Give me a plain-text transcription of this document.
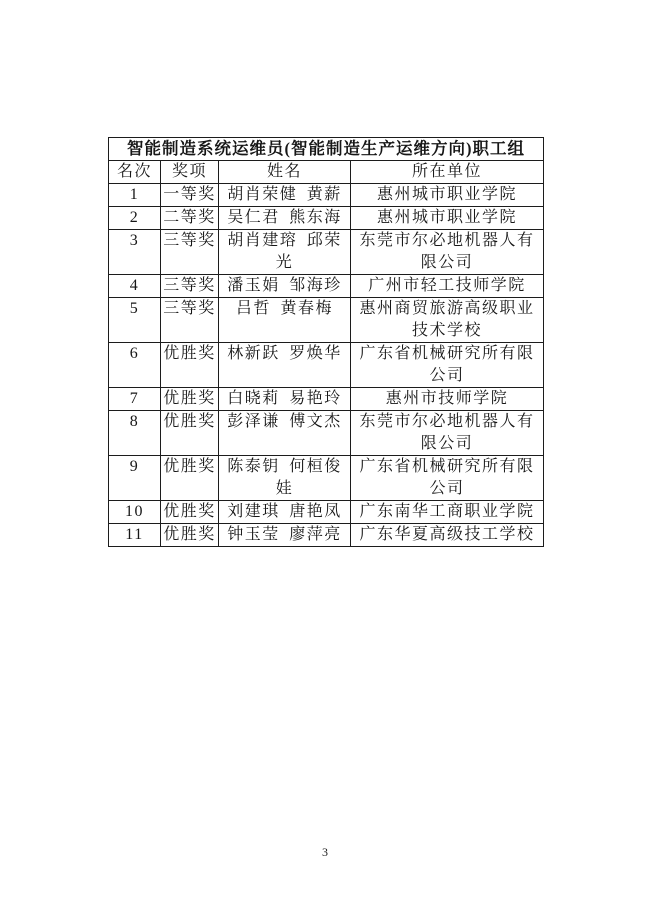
智能制造系统运维员(智能制造生产运维方向)职工组			
名次	奖项	姓名	所在单位
1	一等奖	胡肖荣健 黄薪	惠州城市职业学院
2	二等奖	吴仁君 熊东海	惠州城市职业学院
3	三等奖	胡肖建瑢 邱荣光	东莞市尔必地机器人有限公司
4	三等奖	潘玉娟 邹海珍	广州市轻工技师学院
5	三等奖	吕哲 黄春梅	惠州商贸旅游高级职业技术学校
6	优胜奖	林新跃 罗焕华	广东省机械研究所有限公司
7	优胜奖	白晓莉 易艳玲	惠州市技师学院
8	优胜奖	彭泽谦 傅文杰	东莞市尔必地机器人有限公司
9	优胜奖	陈泰钥 何桓俊娃	广东省机械研究所有限公司
10	优胜奖	刘建琪 唐艳凤	广东南华工商职业学院
11	优胜奖	钟玉莹 廖萍亮	广东华夏高级技工学校
3
